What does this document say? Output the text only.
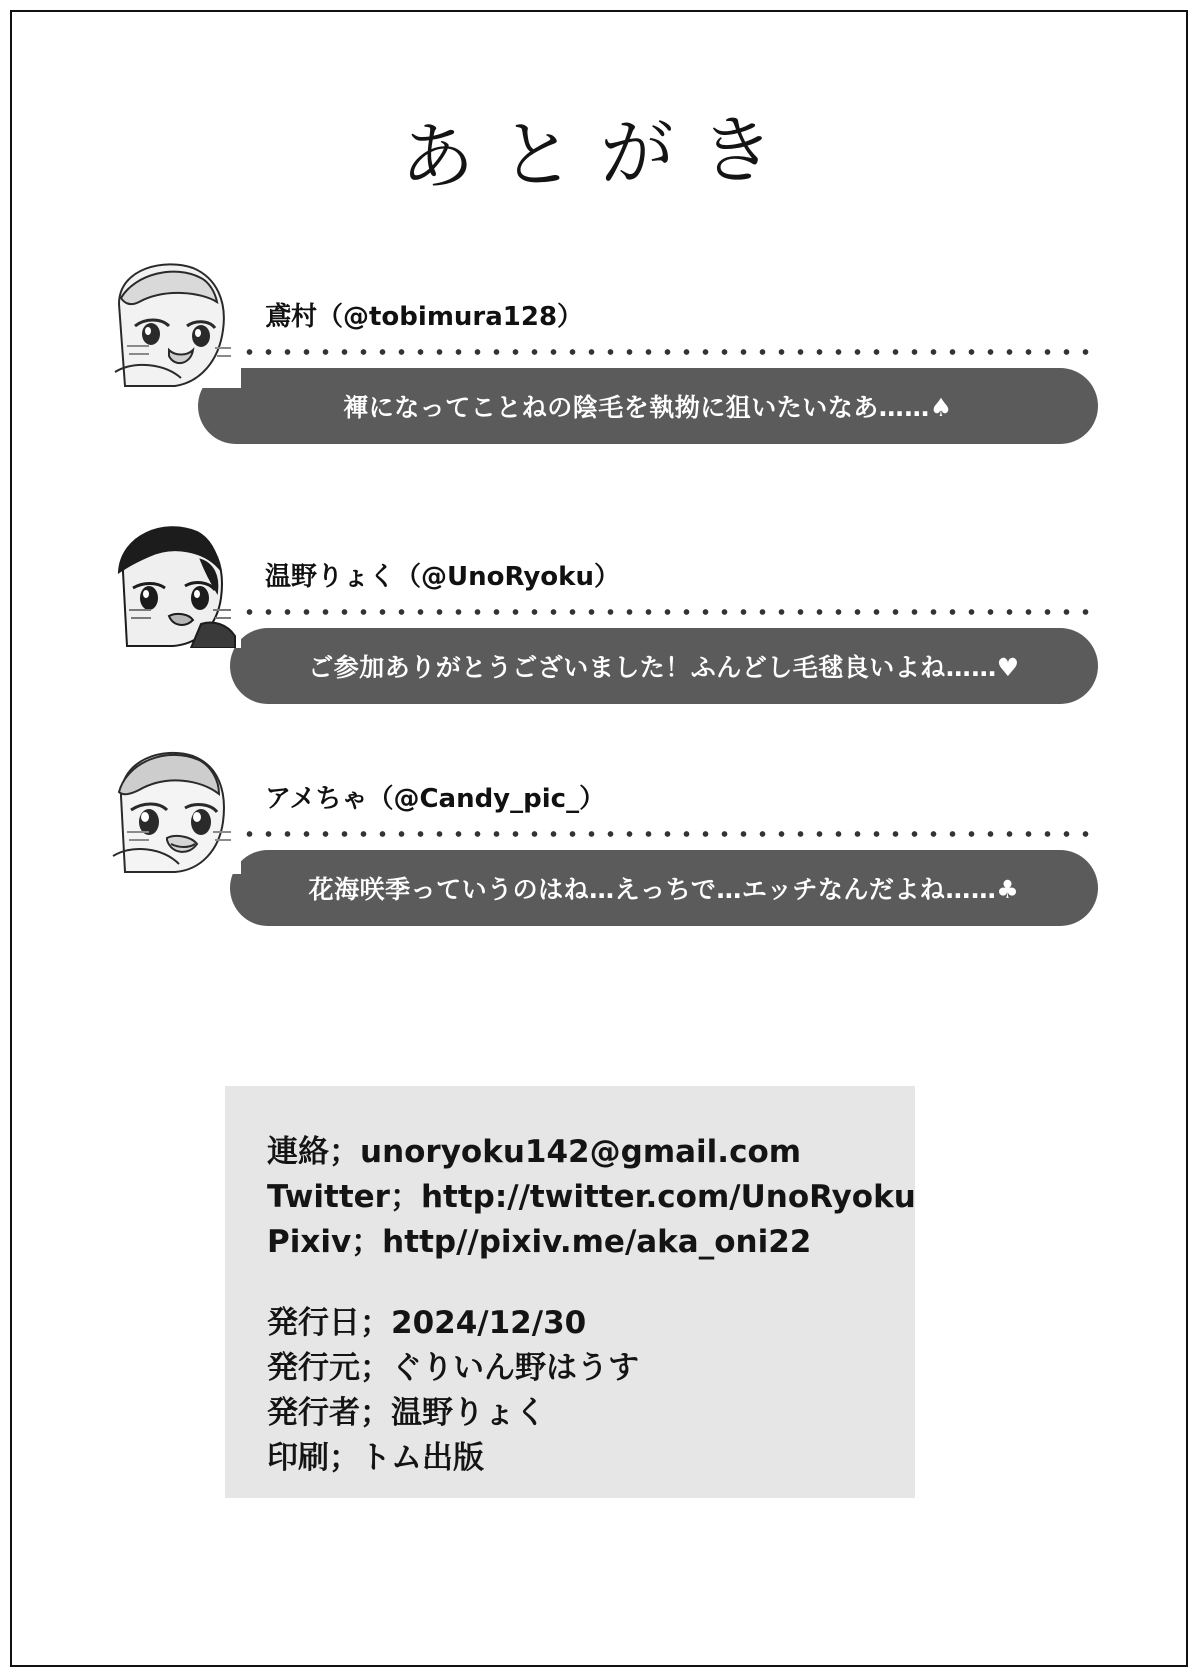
あとがき
鳶村（@tobimura128）
褌になってことねの陰毛を執拗に狙いたいなあ……♠
温野りょく（@UnoRyoku）
ご参加ありがとうございました！ふんどし毛毬良いよね……♥
アメちゃ（@Candy_pic_）
花海咲季っていうのはね…えっちで…エッチなんだよね……♣
連絡；unoryoku142@gmail.com
Twitter；http://twitter.com/UnoRyoku
Pixiv；http//pixiv.me/aka_oni22
発行日；2024/12/30
発行元；ぐりいん野はうす
発行者；温野りょく
印刷；トム出版
